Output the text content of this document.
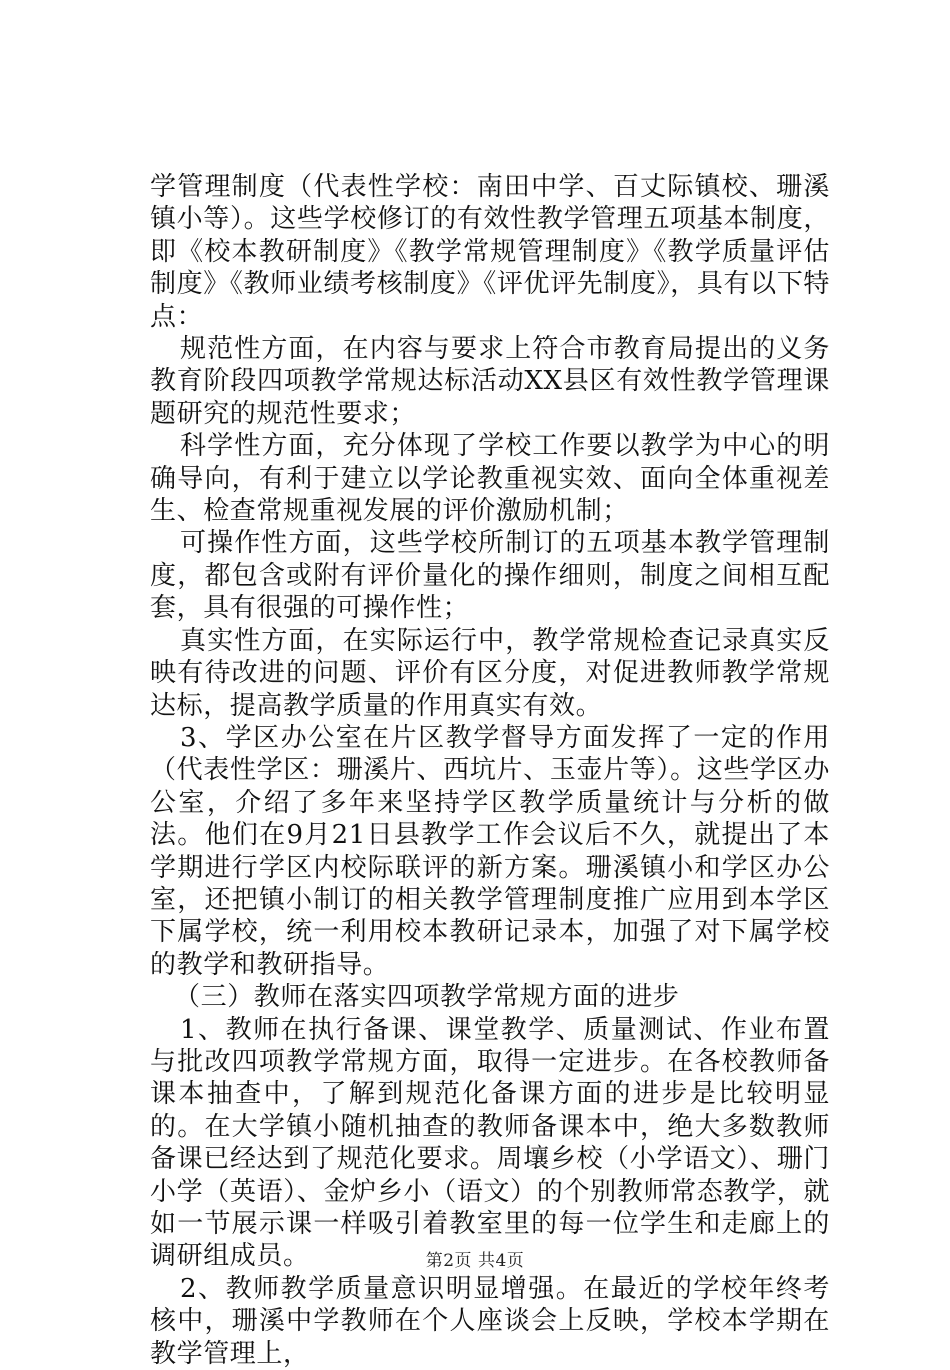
学管理制度（代表性学校：南田中学、百丈际镇校、珊溪镇小等）。这些学校修订的有效性教学管理五项基本制度，即《校本教研制度》《教学常规管理制度》《教学质量评估制度》《教师业绩考核制度》《评优评先制度》，具有以下特点：

规范性方面，在内容与要求上符合市教育局提出的义务教育阶段四项教学常规达标活动XX县区有效性教学管理课题研究的规范性要求；

科学性方面，充分体现了学校工作要以教学为中心的明确导向，有利于建立以学论教重视实效、面向全体重视差生、检查常规重视发展的评价激励机制；

可操作性方面，这些学校所制订的五项基本教学管理制度，都包含或附有评价量化的操作细则，制度之间相互配套，具有很强的可操作性；

真实性方面，在实际运行中，教学常规检查记录真实反映有待改进的问题、评价有区分度，对促进教师教学常规达标，提高教学质量的作用真实有效。

3、学区办公室在片区教学督导方面发挥了一定的作用（代表性学区：珊溪片、西坑片、玉壶片等）。这些学区办公室，介绍了多年来坚持学区教学质量统计与分析的做法。他们在9月21日县教学工作会议后不久，就提出了本学期进行学区内校际联评的新方案。珊溪镇小和学区办公室，还把镇小制订的相关教学管理制度推广应用到本学区下属学校，统一利用校本教研记录本，加强了对下属学校的教学和教研指导。

（三）教师在落实四项教学常规方面的进步

1、教师在执行备课、课堂教学、质量测试、作业布置与批改四项教学常规方面，取得一定进步。在各校教师备课本抽查中，了解到规范化备课方面的进步是比较明显的。在大学镇小随机抽查的教师备课本中，绝大多数教师备课已经达到了规范化要求。周壤乡校（小学语文）、珊门小学（英语）、金炉乡小（语文）的个别教师常态教学，就如一节展示课一样吸引着教室里的每一位学生和走廊上的调研组成员。

2、教师教学质量意识明显增强。在最近的学校年终考核中，珊溪中学教师在个人座谈会上反映，学校本学期在教学管理上，

第2页 共4页
